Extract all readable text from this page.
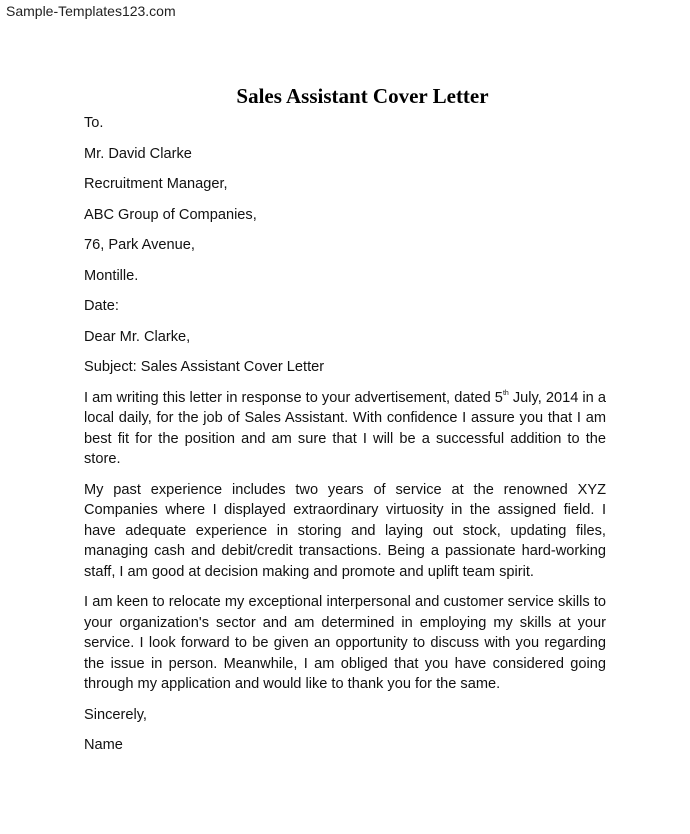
Sample-Templates123.com
Sales Assistant Cover Letter
To.
Mr. David Clarke
Recruitment Manager,
ABC Group of Companies,
76, Park Avenue,
Montille.
Date:
Dear Mr. Clarke,
Subject: Sales Assistant Cover Letter
I am writing this letter in response to your advertisement, dated 5th July, 2014 in a local daily, for the job of Sales Assistant. With confidence I assure you that I am best fit for the position and am sure that I will be a successful addition to the store.
My past experience includes two years of service at the renowned XYZ Companies where I displayed extraordinary virtuosity in the assigned field. I have adequate experience in storing and laying out stock, updating files, managing cash and debit/credit transactions. Being a passionate hard-working staff, I am good at decision making and promote and uplift team spirit.
I am keen to relocate my exceptional interpersonal and customer service skills to your organization's sector and am determined in employing my skills at your service. I look forward to be given an opportunity to discuss with you regarding the issue in person. Meanwhile, I am obliged that you have considered going through my application and would like to thank you for the same.
Sincerely,
Name
